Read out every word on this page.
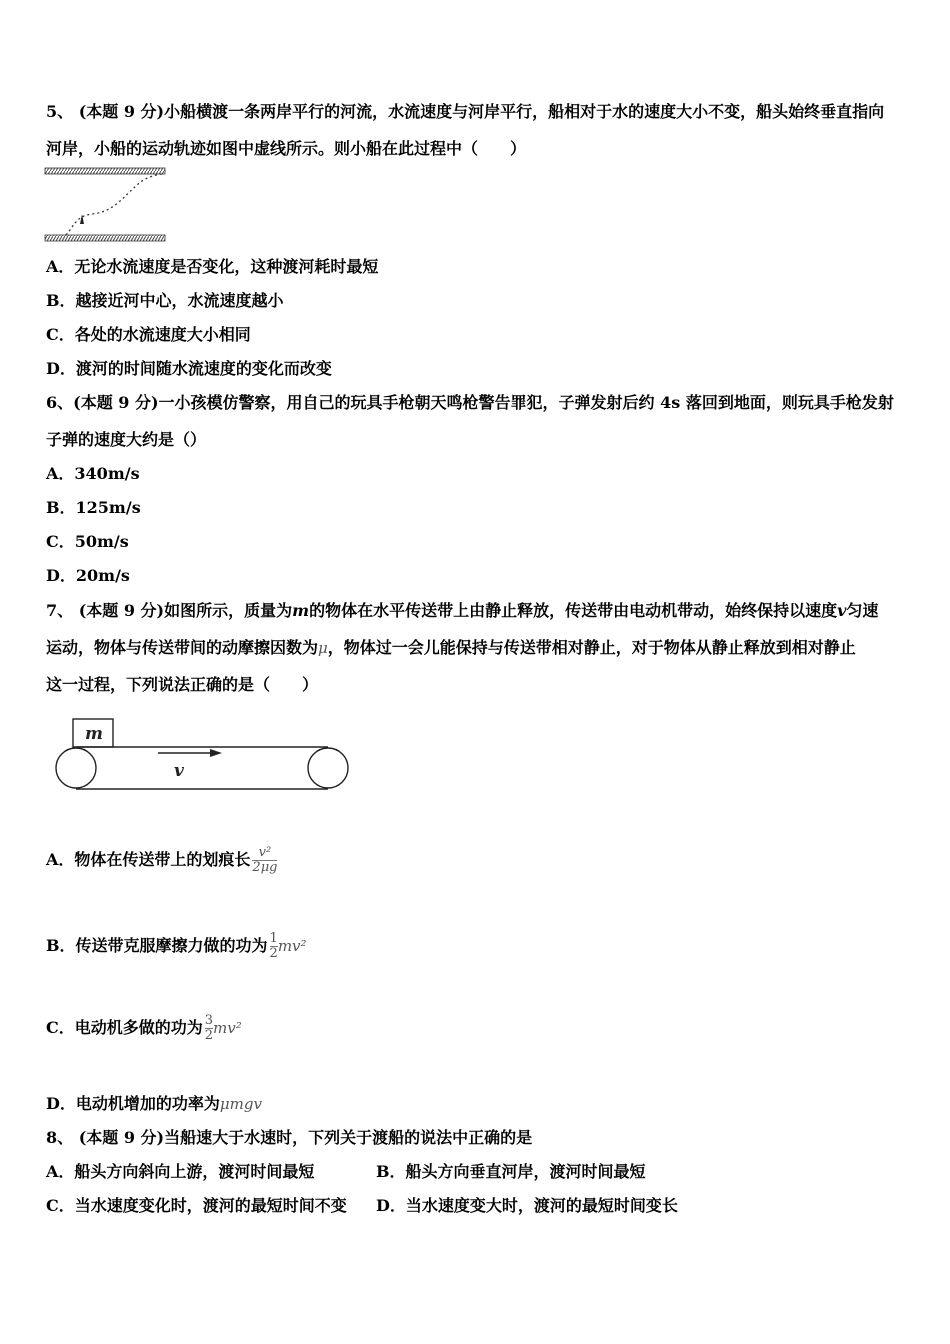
5、 (本题 9 分)小船横渡一条两岸平行的河流，水流速度与河岸平行，船相对于水的速度大小不变，船头始终垂直指向
河岸，小船的运动轨迹如图中虚线所示。则小船在此过程中（　　）
A．无论水流速度是否变化，这种渡河耗时最短
B．越接近河中心，水流速度越小
C．各处的水流速度大小相同
D．渡河的时间随水流速度的变化而改变
6、(本题 9 分)一小孩模仿警察，用自己的玩具手枪朝天鸣枪警告罪犯，子弹发射后约 4s 落回到地面，则玩具手枪发射
子弹的速度大约是（）
A．340m/s
B．125m/s
C．50m/s
D．20m/s
7、 (本题 9 分)如图所示，质量为m的物体在水平传送带上由静止释放，传送带由电动机带动，始终保持以速度v匀速
运动，物体与传送带间的动摩擦因数为μ，物体过一会儿能保持与传送带相对静止，对于物体从静止释放到相对静止
这一过程，下列说法正确的是（　　）
m
v
A．物体在传送带上的划痕长 $\frac{\text{v²}}{2\mu g}$
B．传送带克服摩擦力做的功为 $\frac{1}{2} mv^2$
C．电动机多做的功为 $\frac{3}{2} mv^2$
D．电动机增加的功率为μmgv
8、 (本题 9 分)当船速大于水速时，下列关于渡船的说法中正确的是
A．船头方向斜向上游，渡河时间最短	B．船头方向垂直河岸，渡河时间最短
C．当水速度变化时，渡河的最短时间不变 D．当水速度变大时，渡河的最短时间变长
